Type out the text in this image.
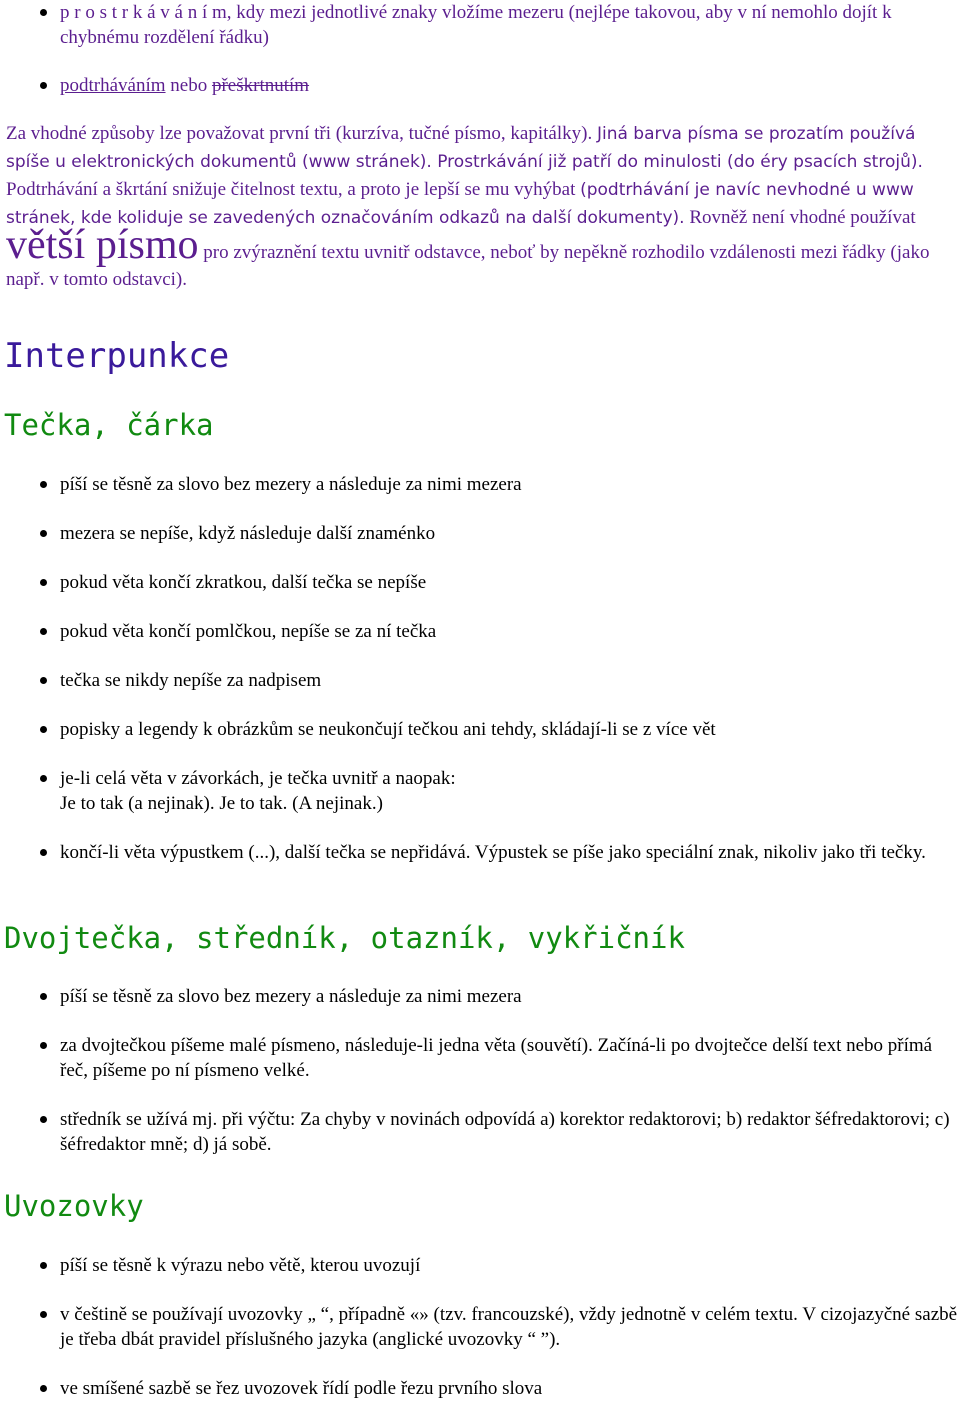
p r o s t r k á v á n í m, kdy mezi jednotlivé znaky vložíme mezeru (nejlépe takovou, aby v ní nemohlo dojít k chybnému rozdělení řádku)
podtrháváním nebo přeškrtnutím

Za vhodné způsoby lze považovat první tři (kurzíva, tučné písmo, kapitálky). Jiná barva písma se prozatím používá spíše u elektronických dokumentů (www stránek). Prostrkávání již patří do minulosti (do éry psacích strojů). Podtrhávání a škrtání snižuje čitelnost textu, a proto je lepší se mu vyhýbat (podtrhávání je navíc nevhodné u www stránek, kde koliduje se zavedených označováním odkazů na další dokumenty). Rovněž není vhodné používat větší písmo pro zvýraznění textu uvnitř odstavce, neboť by nepěkně rozhodilo vzdálenosti mezi řádky (jako např. v tomto odstavci).

Interpunkce
Tečka, čárka
píší se těsně za slovo bez mezery a následuje za nimi mezera
mezera se nepíše, když následuje další znaménko
pokud věta končí zkratkou, další tečka se nepíše
pokud věta končí pomlčkou, nepíše se za ní tečka
tečka se nikdy nepíše za nadpisem
popisky a legendy k obrázkům se neukončují tečkou ani tehdy, skládají-li se z více vět
je-li celá věta v závorkách, je tečka uvnitř a naopak:
Je to tak (a nejinak). Je to tak. (A nejinak.)
končí-li věta výpustkem (...), další tečka se nepřidává. Výpustek se píše jako speciální znak, nikoliv jako tři tečky.
Dvojtečka, středník, otazník, vykřičník
píší se těsně za slovo bez mezery a následuje za nimi mezera
za dvojtečkou píšeme malé písmeno, následuje-li jedna věta (souvětí). Začíná-li po dvojtečce delší text nebo přímá řeč, píšeme po ní písmeno velké.
středník se užívá mj. při výčtu: Za chyby v novinách odpovídá a) korektor redaktorovi; b) redaktor šéfredaktorovi; c) šéfredaktor mně; d) já sobě.
Uvozovky
píší se těsně k výrazu nebo větě, kterou uvozují
v češtině se používají uvozovky „ “, případně «» (tzv. francouzské), vždy jednotně v celém textu. V cizojazyčné sazbě je třeba dbát pravidel příslušného jazyka (anglické uvozovky “ ”).
ve smíšené sazbě se řez uvozovek řídí podle řezu prvního slova
